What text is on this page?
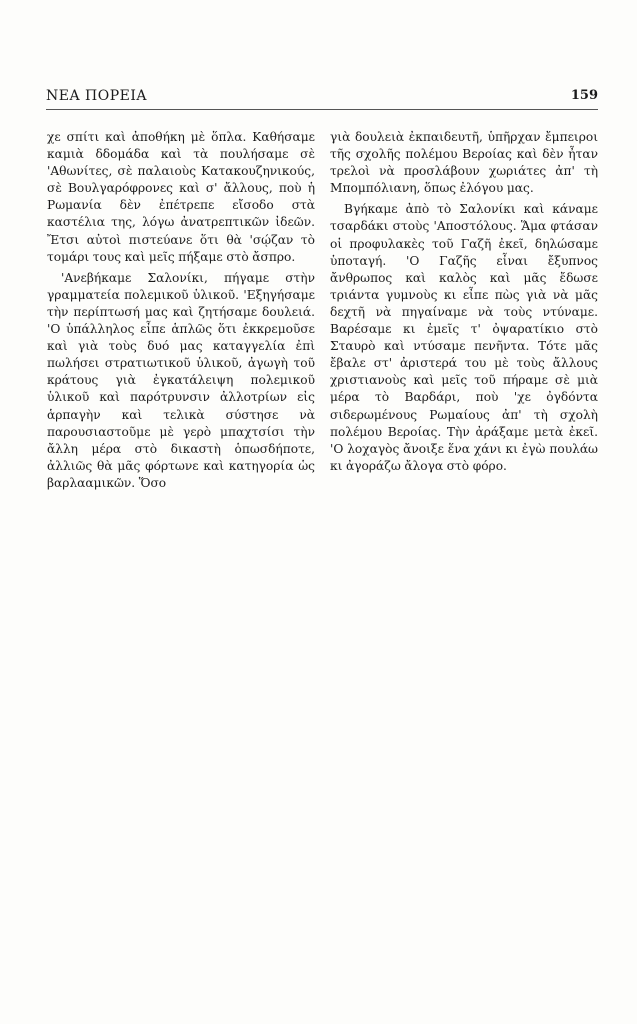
ΝΕΑ ΠΟΡΕΙΑ	159

χε σπίτι καὶ ἀποθήκη μὲ ὅπλα. Καθήσαμε καμιὰ δδομάδα καὶ τὰ πουλήσαμε σὲ 'Αθωνίτες, σὲ παλαιοὺς Κατακουζηνικούς, σὲ Βουλγαρόφρονες καὶ σ' ἄλλους, ποὺ ἡ Ρωμανία δὲν ἐπέτρεπε εἴσοδο στὰ καστέλια της, λόγω ἀνατρεπτικῶν ἰδεῶν. Ἔτσι αὐτοὶ πιστεύανε ὅτι θὰ 'σῴζαν τὸ τομάρι τους καὶ μεῖς πήξαμε στὸ ἄσπρο.

'Ανεβήκαμε Σαλονίκι, πήγαμε στὴν γραμματεία πολεμικοῦ ὑλικοῦ. 'Εξηγήσαμε τὴν περίπτωσή μας καὶ ζητήσαμε δουλειά. 'Ο ὑπάλληλος εἶπε ἁπλῶς ὅτι ἐκκρεμοῦσε καὶ γιὰ τοὺς δυό μας καταγγελία ἐπὶ πωλήσει στρατιωτικοῦ ὑλικοῦ, ἀγωγὴ τοῦ κράτους γιὰ ἐγκατάλειψη πολεμικοῦ ὑλικοῦ καὶ παρότρυνσιν ἀλλοτρίων εἰς ἁρπαγὴν καὶ τελικὰ σύστησε νὰ παρουσιαστοῦμε μὲ γερὸ μπαχτσίσι τὴν ἄλλη μέρα στὸ δικαστὴ ὁπωσδήποτε, ἀλλιῶς θὰ μᾶς φόρτωνε καὶ κατηγορία ὡς βαρλααμικῶν. Ὅσο

γιὰ δουλειὰ ἐκπαιδευτῆ, ὑπῆρχαν ἔμπειροι τῆς σχολῆς πολέμου Βεροίας καὶ δὲν ἦταν τρελοὶ νὰ προσλάβουν χωριάτες ἀπ' τὴ Μπομπόλιανη, ὅπως ἐλόγου μας.

Βγήκαμε ἀπὸ τὸ Σαλονίκι καὶ κάναμε τσαρδάκι στοὺς 'Αποστόλους. Ἅμα φτάσαν οἱ προφυλακὲς τοῦ Γαζῆ ἐκεῖ, δηλώσαμε ὑποταγή. 'Ο Γαζῆς εἶναι ἔξυπνος ἄνθρωπος καὶ καλὸς καὶ μᾶς ἔδωσε τριάντα γυμνοὺς κι εἶπε πὼς γιὰ νὰ μᾶς δεχτῆ νὰ πηγαίναμε νὰ τοὺς ντύναμε. Βαρέσαμε κι ἐμεῖς τ' ὀψαρατίκιο στὸ Σταυρὸ καὶ ντύσαμε πενῆντα. Τότε μᾶς ἔβαλε στ' ἀριστερά του μὲ τοὺς ἄλλους χριστιανοὺς καὶ μεῖς τοῦ πήραμε σὲ μιὰ μέρα τὸ Βαρδάρι, ποὺ 'χε ὀγδόντα σιδερωμένους Ρωμαίους ἀπ' τὴ σχολὴ πολέμου Βεροίας. Τὴν ἀράξαμε μετὰ ἐκεῖ. 'Ο λοχαγὸς ἄνοιξε ἕνα χάνι κι ἐγὼ πουλάω κι ἀγοράζω ἄλογα στὸ φόρο.
